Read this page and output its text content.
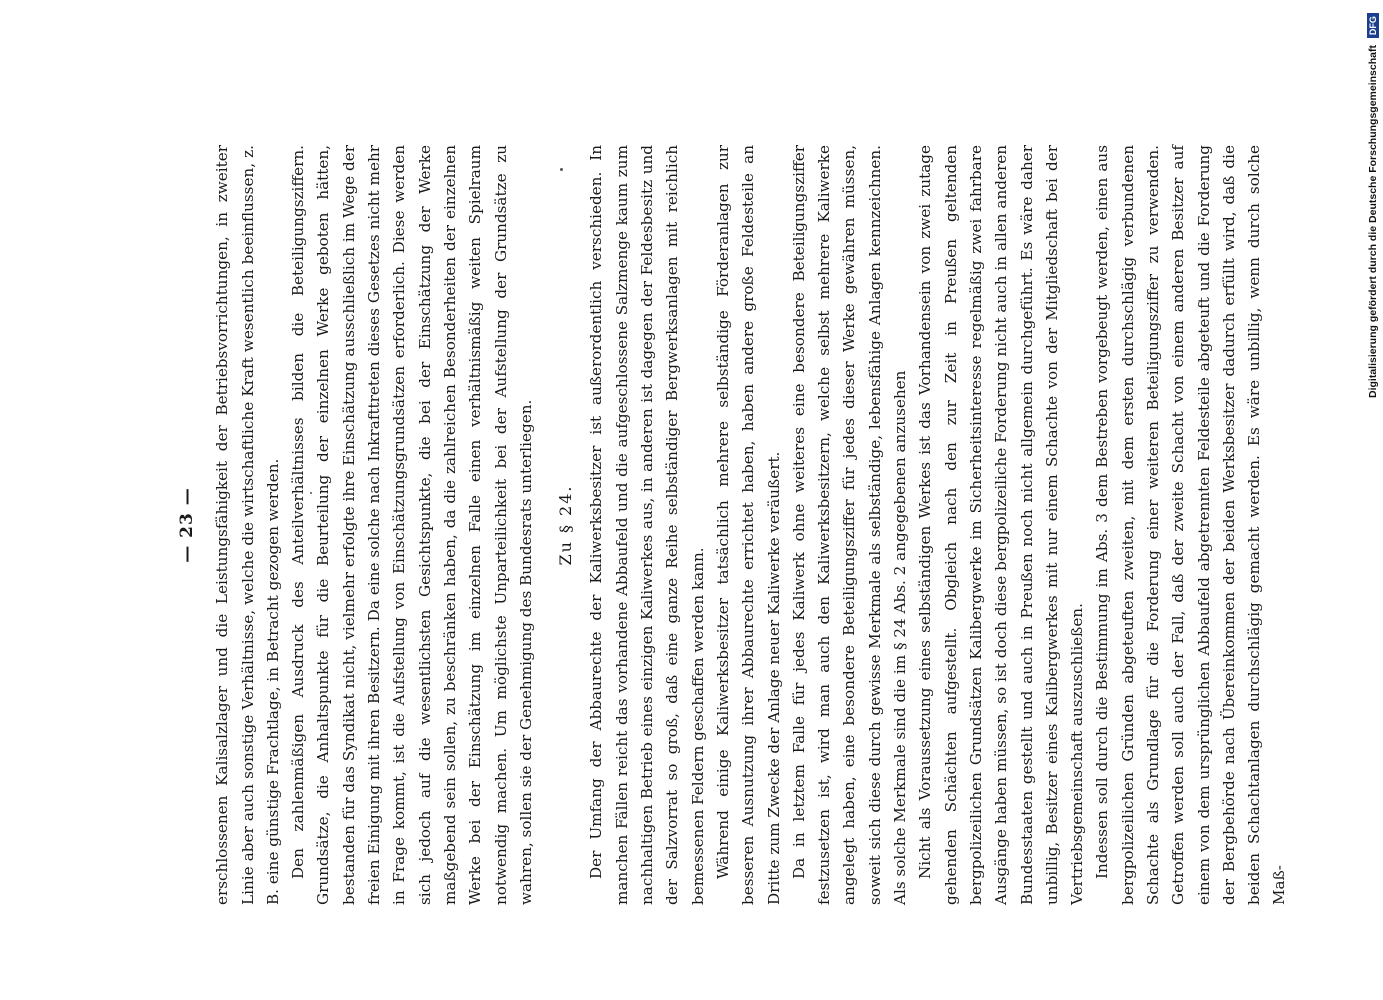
— 23 — erschlossenen Kalisalzlager und die Leistungsfähigkeit der Betriebsvorrichtungen, in zweiter Linie aber auch sonstige Verhältnisse, welche die wirtschaftliche Kraft wesentlich beeinflussen, z. B. eine günstige Frachtlage, in Betracht gezogen werden. Den zahlenmäßigen Ausdruck des Anteilverhältnisses bilden die Beteiligungsziffern. Grundsätze, die Anhaltspunkte für die Beurteilung der einzelnen Werke geboten hätten, bestanden für das Syndikat nicht, vielmehr erfolgte ihre Einschätzung ausschließlich im Wege der freien Einigung mit ihren Besitzern. Da eine solche nach Inkrafttreten dieses Gesetzes nicht mehr in Frage kommt, ist die Aufstellung von Einschätzungsgrundsätzen erforderlich. Diese werden sich jedoch auf die wesentlichsten Gesichtspunkte, die bei der Einschätzung der Werke maßgebend sein sollen, zu beschränken haben, da die zahlreichen Besonderheiten der einzelnen Werke bei der Einschätzung im einzelnen Falle einen verhältnismäßig weiten Spielraum notwendig machen. Um möglichste Unparteilichkeit bei der Aufstellung der Grundsätze zu wahren, sollen sie der Genehmigung des Bundesrats unterliegen. Zu § 24. Der Umfang der Abbaurechte der Kaliwerksbesitzer ist außerordentlich verschieden. In manchen Fällen reicht das vorhandene Abbaufeld und die aufgeschlossene Salzmenge kaum zum nachhaltigen Betrieb eines einzigen Kaliwerkes aus, in anderen ist dagegen der Feldesbesitz und der Salzvorrat so groß, daß eine ganze Reihe selbständiger Bergwerksanlagen mit reichlich bemessenen Feldern geschaffen werden kann. Während einige Kaliwerksbesitzer tatsächlich mehrere selbständige Förderanlagen zur besseren Ausnutzung ihrer Abbaurechte errichtet haben, haben andere große Feldesteile an Dritte zum Zwecke der Anlage neuer Kaliwerke veräußert. Da in letztem Falle für jedes Kaliwerk ohne weiteres eine besondere Beteiligungsziffer festzusetzen ist, wird man auch den Kaliwerksbesitzern, welche selbst mehrere Kaliwerke angelegt haben, eine besondere Beteiligungsziffer für jedes dieser Werke gewähren müssen, soweit sich diese durch gewisse Merkmale als selbständige, lebensfähige Anlagen kennzeichnen. Als solche Merkmale sind die im § 24 Abs. 2 angegebenen anzusehen Nicht als Voraussetzung eines selbständigen Werkes ist das Vorhandensein von zwei zutage gehenden Schächten aufgestellt. Obgleich nach den zur Zeit in Preußen geltenden bergpolizeilichen Grundsätzen Kalibergwerke im Sicherheitsinteresse regelmäßig zwei fahrbare Ausgänge haben müssen, so ist doch diese bergpolizeiliche Forderung nicht auch in allen anderen Bundesstaaten gestellt und auch in Preußen noch nicht allgemein durchgeführt. Es wäre daher unbillig, Besitzer eines Kalibergwerkes mit nur einem Schachte von der Mitgliedschaft bei der Vertriebsgemeinschaft auszuschließen. Indessen soll durch die Bestimmung im Abs. 3 dem Bestreben vorgebeugt werden, einen aus bergpolizeilichen Gründen abgeteuften zweiten, mit dem ersten durchschlägig verbundenen Schachte als Grundlage für die Forderung einer weiteren Beteiligungsziffer zu verwenden. Getroffen werden soll auch der Fall, daß der zweite Schacht von einem anderen Besitzer auf einem von dem ursprünglichen Abbaufeld abgetrennten Feldesteile abgeteuft und die Forderung der Bergbehörde nach Übereinkommen der beiden Werksbesitzer dadurch erfüllt wird, daß die beiden Schachtanlagen durchschlägig gemacht werden. Es wäre unbillig, wenn durch solche Maß-

Digitalisierung gefördert durch die Deutsche Forschungsgemeinschaft DFG
